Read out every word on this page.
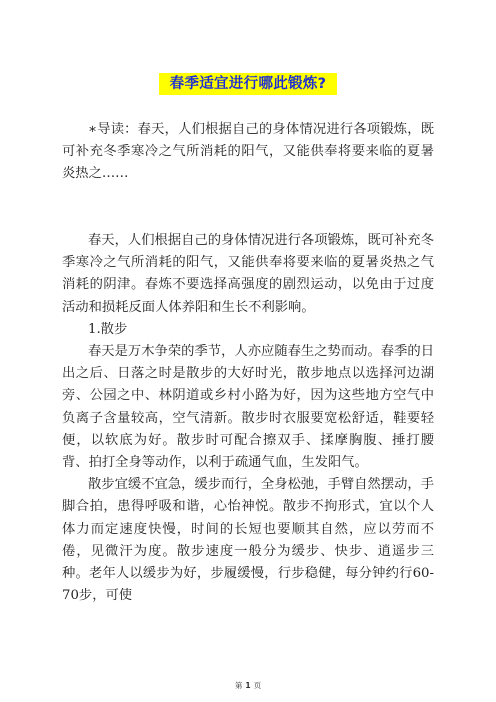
春季适宜进行哪此锻炼?

∗导读：春天，人们根据自己的身体情况进行各项锻炼，既可补充冬季寒冷之气所消耗的阳气，又能供奉将要来临的夏暑炎热之……

春天，人们根据自己的身体情况进行各项锻炼，既可补充冬季寒冷之气所消耗的阳气，又能供奉将要来临的夏暑炎热之气消耗的阴津。春炼不要选择高强度的剧烈运动，以免由于过度活动和损耗反面人体养阳和生长不利影响。

1.散步

春天是万木争荣的季节，人亦应随春生之势而动。春季的日出之后、日落之时是散步的大好时光，散步地点以选择河边湖旁、公园之中、林阴道或乡村小路为好，因为这些地方空气中负离子含量较高，空气清新。散步时衣服要宽松舒适，鞋要轻便，以软底为好。散步时可配合擦双手、揉摩胸腹、捶打腰背、拍打全身等动作，以利于疏通气血，生发阳气。

散步宜缓不宜急，缓步而行，全身松弛，手臂自然摆动，手脚合拍，患得呼吸和谐，心怡神悦。散步不拘形式，宜以个人体力而定速度快慢，时间的长短也要顺其自然，应以劳而不倦，见微汗为度。散步速度一般分为缓步、快步、逍遥步三种。老年人以缓步为好，步履缓慢，行步稳健，每分钟约行60-70步，可使

第 1 页
